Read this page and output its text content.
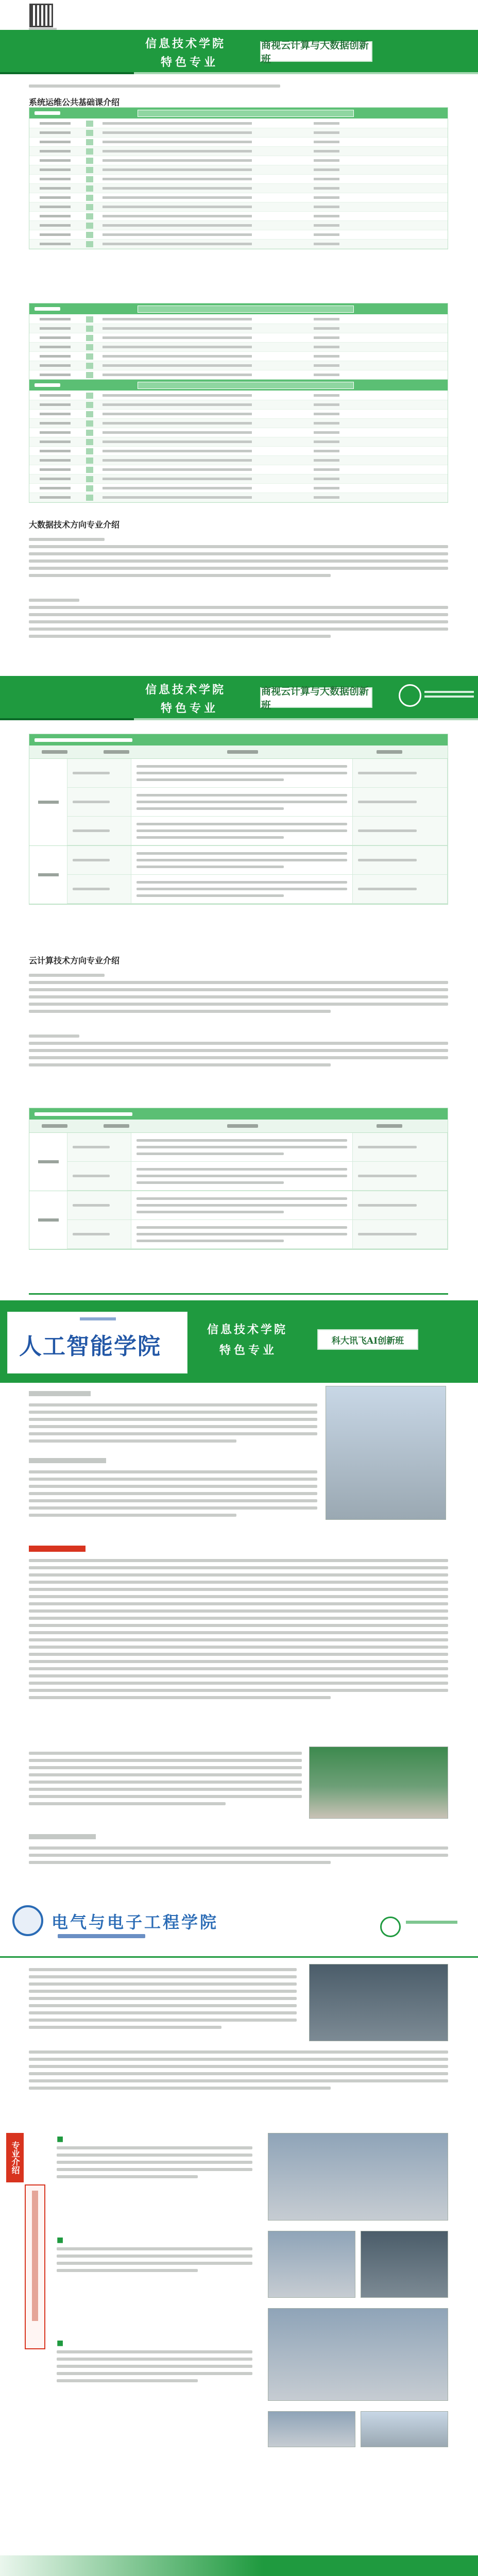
信息技术学院
特色专业
商视云计算与大数据创新班
系统运维公共基础课介绍
大数据技术方向专业介绍
信息技术学院
特色专业
商视云计算与大数据创新班
云计算技术方向专业介绍
人工智能学院
信息技术学院
特色专业
科大讯飞AI创新班
电气与电子工程学院
专业介绍
■
■
■
